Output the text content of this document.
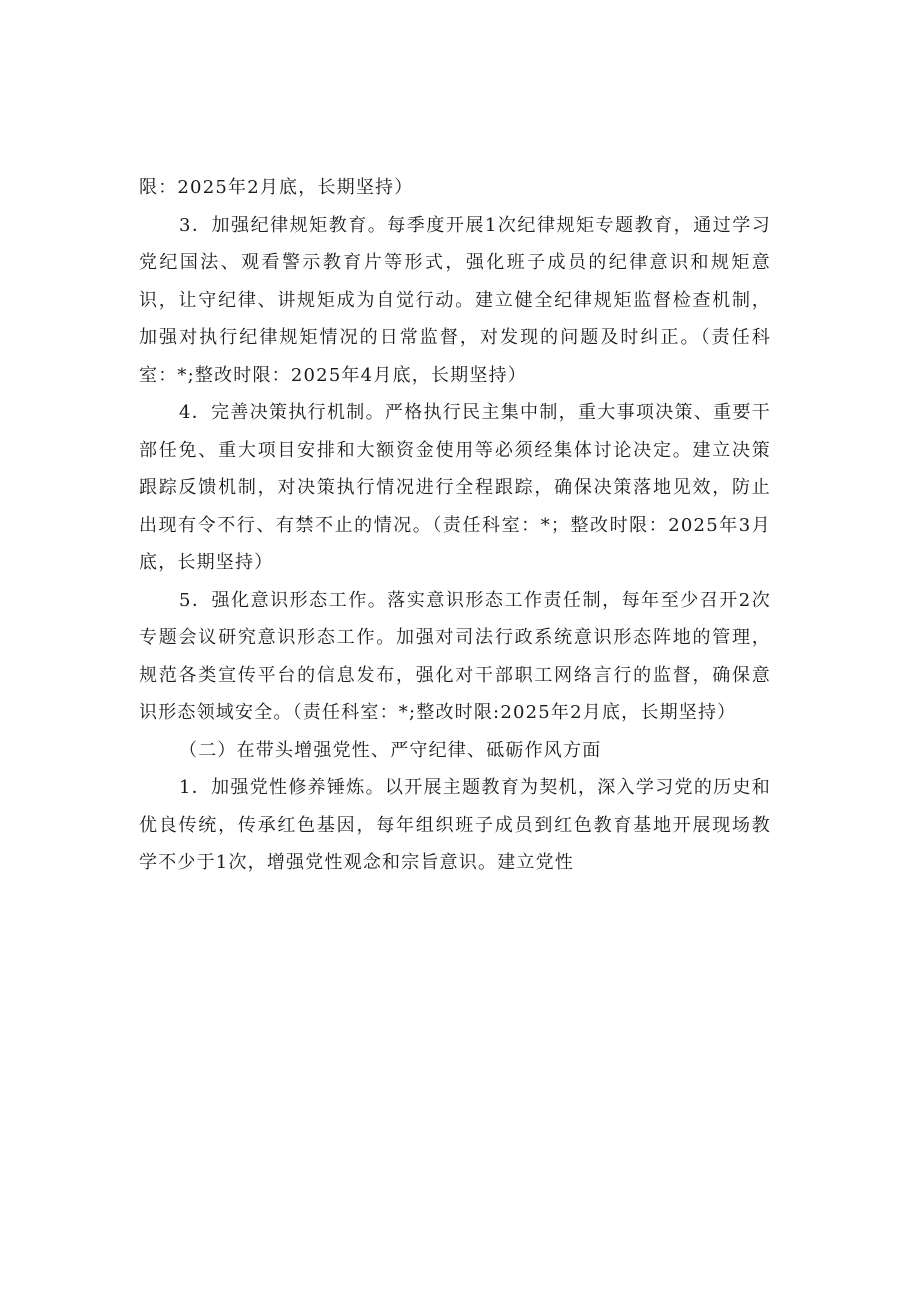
限：2025年2月底，长期坚持）

3．加强纪律规矩教育。每季度开展1次纪律规矩专题教育，通过学习党纪国法、观看警示教育片等形式，强化班子成员的纪律意识和规矩意识，让守纪律、讲规矩成为自觉行动。建立健全纪律规矩监督检查机制，加强对执行纪律规矩情况的日常监督，对发现的问题及时纠正。（责任科室：*;整改时限：2025年4月底，长期坚持）

4．完善决策执行机制。严格执行民主集中制，重大事项决策、重要干部任免、重大项目安排和大额资金使用等必须经集体讨论决定。建立决策跟踪反馈机制，对决策执行情况进行全程跟踪，确保决策落地见效，防止出现有令不行、有禁不止的情况。（责任科室：*；整改时限：2025年3月底，长期坚持）

5．强化意识形态工作。落实意识形态工作责任制，每年至少召开2次专题会议研究意识形态工作。加强对司法行政系统意识形态阵地的管理，规范各类宣传平台的信息发布，强化对干部职工网络言行的监督，确保意识形态领域安全。（责任科室：*;整改时限:2025年2月底，长期坚持）

（二）在带头增强党性、严守纪律、砥砺作风方面

1．加强党性修养锤炼。以开展主题教育为契机，深入学习党的历史和优良传统，传承红色基因，每年组织班子成员到红色教育基地开展现场教学不少于1次，增强党性观念和宗旨意识。建立党性
